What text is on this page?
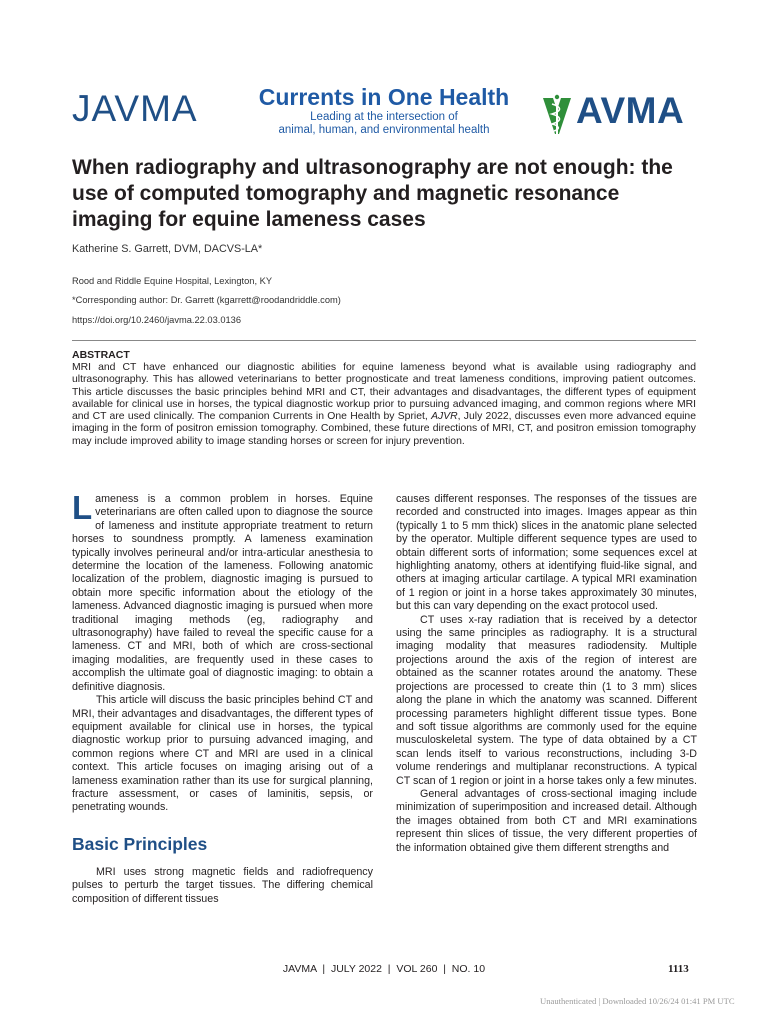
JAVMA	Currents in One Health
Leading at the intersection of
animal, human, and environmental health	AVMA
When radiography and ultrasonography are not enough: the use of computed tomography and magnetic resonance imaging for equine lameness cases
Katherine S. Garrett, DVM, DACVS-LA*
Rood and Riddle Equine Hospital, Lexington, KY
*Corresponding author: Dr. Garrett (kgarrett@roodandriddle.com)
https://doi.org/10.2460/javma.22.03.0136
ABSTRACT

MRI and CT have enhanced our diagnostic abilities for equine lameness beyond what is available using radiography and ultrasonography. This has allowed veterinarians to better prognosticate and treat lameness conditions, improving patient outcomes. This article discusses the basic principles behind MRI and CT, their advantages and disadvantages, the different types of equipment available for clinical use in horses, the typical diagnostic workup prior to pursuing advanced imaging, and common regions where MRI and CT are used clinically. The companion Currents in One Health by Spriet, AJVR, July 2022, discusses even more advanced equine imaging in the form of positron emission tomography. Combined, these future directions of MRI, CT, and positron emission tomography may include improved ability to image standing horses or screen for injury prevention.

Lameness is a common problem in horses. Equine veterinarians are often called upon to diagnose the source of lameness and institute appropriate treatment to return horses to soundness promptly. A lameness examination typically involves perineural and/or intra-articular anesthesia to determine the location of the lameness. Following anatomic localization of the problem, diagnostic imaging is pursued to obtain more specific information about the etiology of the lameness. Advanced diagnostic imaging is pursued when more traditional imaging methods (eg, radiography and ultrasonography) have failed to reveal the specific cause for a lameness. CT and MRI, both of which are cross-sectional imaging modalities, are frequently used in these cases to accomplish the ultimate goal of diagnostic imaging: to obtain a definitive diagnosis.

This article will discuss the basic principles behind CT and MRI, their advantages and disadvantages, the different types of equipment available for clinical use in horses, the typical diagnostic workup prior to pursuing advanced imaging, and common regions where CT and MRI are used in a clinical context. This article focuses on imaging arising out of a lameness examination rather than its use for surgical planning, fracture assessment, or cases of laminitis, sepsis, or penetrating wounds.

Basic Principles

MRI uses strong magnetic fields and radiofrequency pulses to perturb the target tissues. The differing chemical composition of different tissues

causes different responses. The responses of the tissues are recorded and constructed into images. Images appear as thin (typically 1 to 5 mm thick) slices in the anatomic plane selected by the operator. Multiple different sequence types are used to obtain different sorts of information; some sequences excel at highlighting anatomy, others at identifying fluid-like signal, and others at imaging articular cartilage. A typical MRI examination of 1 region or joint in a horse takes approximately 30 minutes, but this can vary depending on the exact protocol used.

CT uses x-ray radiation that is received by a detector using the same principles as radiography. It is a structural imaging modality that measures radiodensity. Multiple projections around the axis of the region of interest are obtained as the scanner rotates around the anatomy. These projections are processed to create thin (1 to 3 mm) slices along the plane in which the anatomy was scanned. Different processing parameters highlight different tissue types. Bone and soft tissue algorithms are commonly used for the equine musculoskeletal system. The type of data obtained by a CT scan lends itself to various reconstructions, including 3-D volume renderings and multiplanar reconstructions. A typical CT scan of 1 region or joint in a horse takes only a few minutes.

General advantages of cross-sectional imaging include minimization of superimposition and increased detail. Although the images obtained from both CT and MRI examinations represent thin slices of tissue, the very different properties of the information obtained give them different strengths and

JAVMA  |  JULY 2022  |  VOL 260  |  NO. 10	1113
Unauthenticated | Downloaded 10/26/24 01:41 PM UTC
